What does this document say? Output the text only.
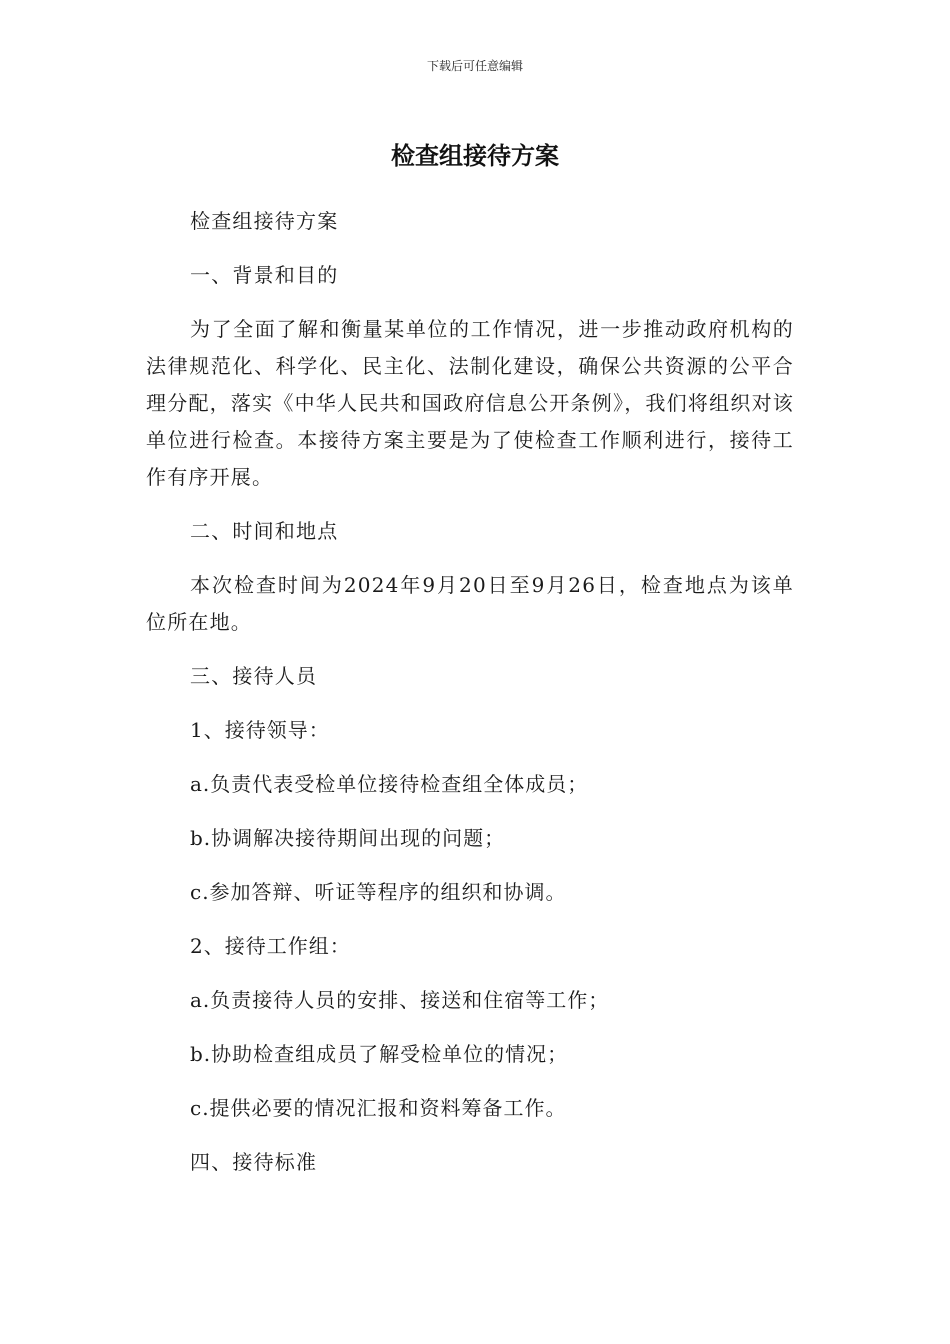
下载后可任意编辑
检查组接待方案

检查组接待方案

一、背景和目的

为了全面了解和衡量某单位的工作情况，进一步推动政府机构的法律规范化、科学化、民主化、法制化建设，确保公共资源的公平合理分配，落实《中华人民共和国政府信息公开条例》，我们将组织对该单位进行检查。本接待方案主要是为了使检查工作顺利进行，接待工作有序开展。

二、时间和地点

本次检查时间为2024年9月20日至9月26日，检查地点为该单位所在地。

三、接待人员

1、接待领导：

a.负责代表受检单位接待检查组全体成员；

b.协调解决接待期间出现的问题；

c.参加答辩、听证等程序的组织和协调。

2、接待工作组：

a.负责接待人员的安排、接送和住宿等工作；

b.协助检查组成员了解受检单位的情况；

c.提供必要的情况汇报和资料筹备工作。

四、接待标准
